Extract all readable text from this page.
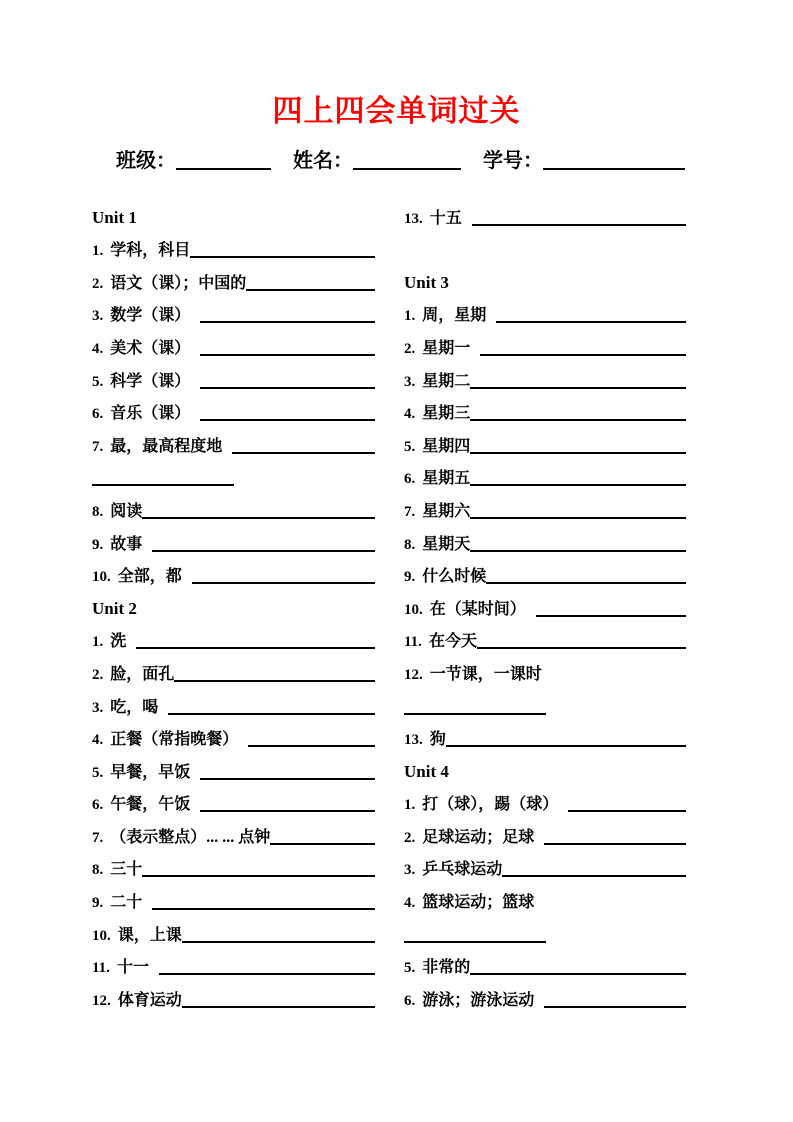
四上四会单词过关
班级：	姓名：	学号：
Unit 1
1. 学科，科目
2. 语文（课）；中国的
3. 数学（课）
4. 美术（课）
5. 科学（课）
6. 音乐（课）
7. 最，最高程度地
8. 阅读
9. 故事
10. 全部，都
Unit 2
1. 洗
2. 脸，面孔
3. 吃，喝
4. 正餐（常指晚餐）
5. 早餐，早饭
6. 午餐，午饭
7. （表示整点）... ... 点钟
8. 三十
9. 二十
10. 课，上课
11. 十一
12. 体育运动
13. 十五
Unit 3
1. 周，星期
2. 星期一
3. 星期二
4. 星期三
5. 星期四
6. 星期五
7. 星期六
8. 星期天
9. 什么时候
10. 在（某时间）
11. 在今天
12. 一节课，一课时
13. 狗
Unit 4
1. 打（球），踢（球）
2. 足球运动；足球
3. 乒乓球运动
4. 篮球运动；篮球
5. 非常的
6. 游泳；游泳运动
